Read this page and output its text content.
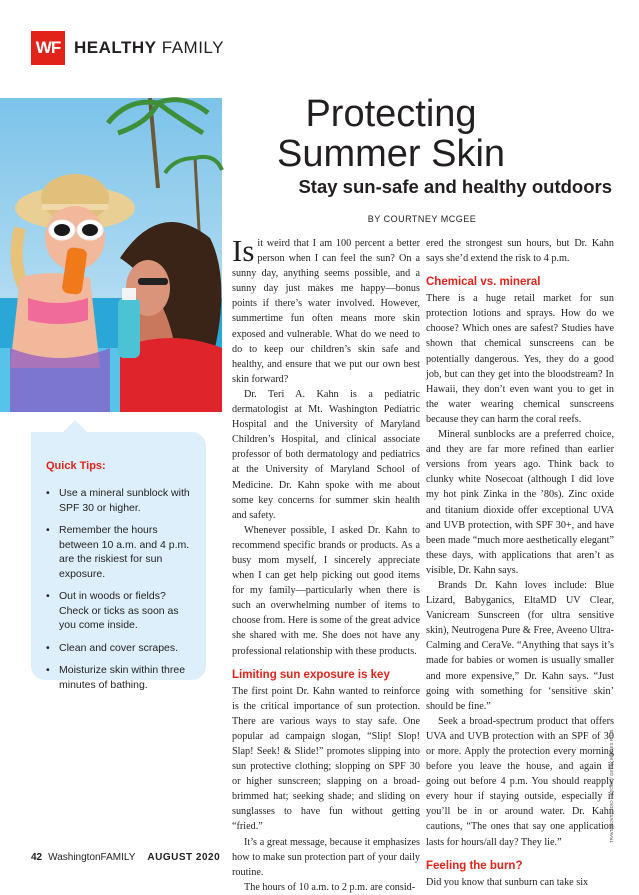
WF HEALTHY FAMILY
Quick Tips:
• Use a mineral sunblock with SPF 30 or higher.
• Remember the hours between 10 a.m. and 4 p.m. are the riskiest for sun exposure.
• Out in woods or fields? Check or ticks as soon as you come inside.
• Clean and cover scrapes.
• Moisturize skin within three minutes of bathing.
Protecting
Summer Skin
Stay sun-safe and healthy outdoors
BY COURTNEY MCGEE

Is it weird that I am 100 percent a better person when I can feel the sun? On a sunny day, anything seems possible, and a sunny day just makes me happy—bonus points if there’s water involved. However, summertime fun often means more skin exposed and vulnerable. What do we need to do to keep our children’s skin safe and healthy, and ensure that we put our own best skin forward?

Dr. Teri A. Kahn is a pediatric dermatologist at Mt. Washington Pediatric Hospital and the University of Maryland Children’s Hospital, and clinical associate professor of both dermatology and pediatrics at the University of Maryland School of Medicine. Dr. Kahn spoke with me about some key concerns for summer skin health and safety.

Whenever possible, I asked Dr. Kahn to recommend specific brands or products. As a busy mom myself, I sincerely appreciate when I can get help picking out good items for my family—particularly when there is such an overwhelming number of items to choose from. Here is some of the great advice she shared with me. She does not have any professional relationship with these products.

Limiting sun exposure is key

The first point Dr. Kahn wanted to reinforce is the critical importance of sun protection. There are various ways to stay safe. One popular ad campaign slogan, “Slip! Slop! Slap! Seek! & Slide!” promotes slipping into sun protective clothing; slopping on SPF 30 or higher sunscreen; slapping on a broad-brimmed hat; seeking shade; and sliding on sunglasses to have fun without getting “fried.”

It’s a great message, because it emphasizes how to make sun protection part of your daily routine.

The hours of 10 a.m. to 2 p.m. are consid-

ered the strongest sun hours, but Dr. Kahn says she’d extend the risk to 4 p.m.

Chemical vs. mineral

There is a huge retail market for sun protection lotions and sprays. How do we choose? Which ones are safest? Studies have shown that chemical sunscreens can be potentially dangerous. Yes, they do a good job, but can they get into the bloodstream? In Hawaii, they don’t even want you to get in the water wearing chemical sunscreens because they can harm the coral reefs.

Mineral sunblocks are a preferred choice, and they are far more refined than earlier versions from years ago. Think back to clunky white Nosecoat (although I did love my hot pink Zinka in the ’80s). Zinc oxide and titanium dioxide offer exceptional UVA and UVB protection, with SPF 30+, and have been made “much more aesthetically elegant” these days, with applications that aren’t as visible, Dr. Kahn says.

Brands Dr. Kahn loves include: Blue Lizard, Babyganics, EltaMD UV Clear, Vanicream Sunscreen (for ultra sensitive skin), Neutrogena Pure & Free, Aveeno Ultra-Calming and CeraVe. “Anything that says it’s made for babies or women is usually smaller and more expensive,” Dr. Kahn says. “Just going with something for ‘sensitive skin’ should be fine.”

Seek a broad-spectrum product that offers UVA and UVB protection with an SPF of 30 or more. Apply the protection every morning before you leave the house, and again if going out before 4 p.m. You should reapply every hour if staying outside, especially if you’ll be in or around water. Dr. Kahn cautions, “The ones that say one application lasts for hours/all day? They lie.”

Feeling the burn?

Did you know that sunburn can take six

TRAVNIKOVSTUDIO / ISTOCK / GETTY IMAGES PLUS
42 WashingtonFAMILY AUGUST 2020
